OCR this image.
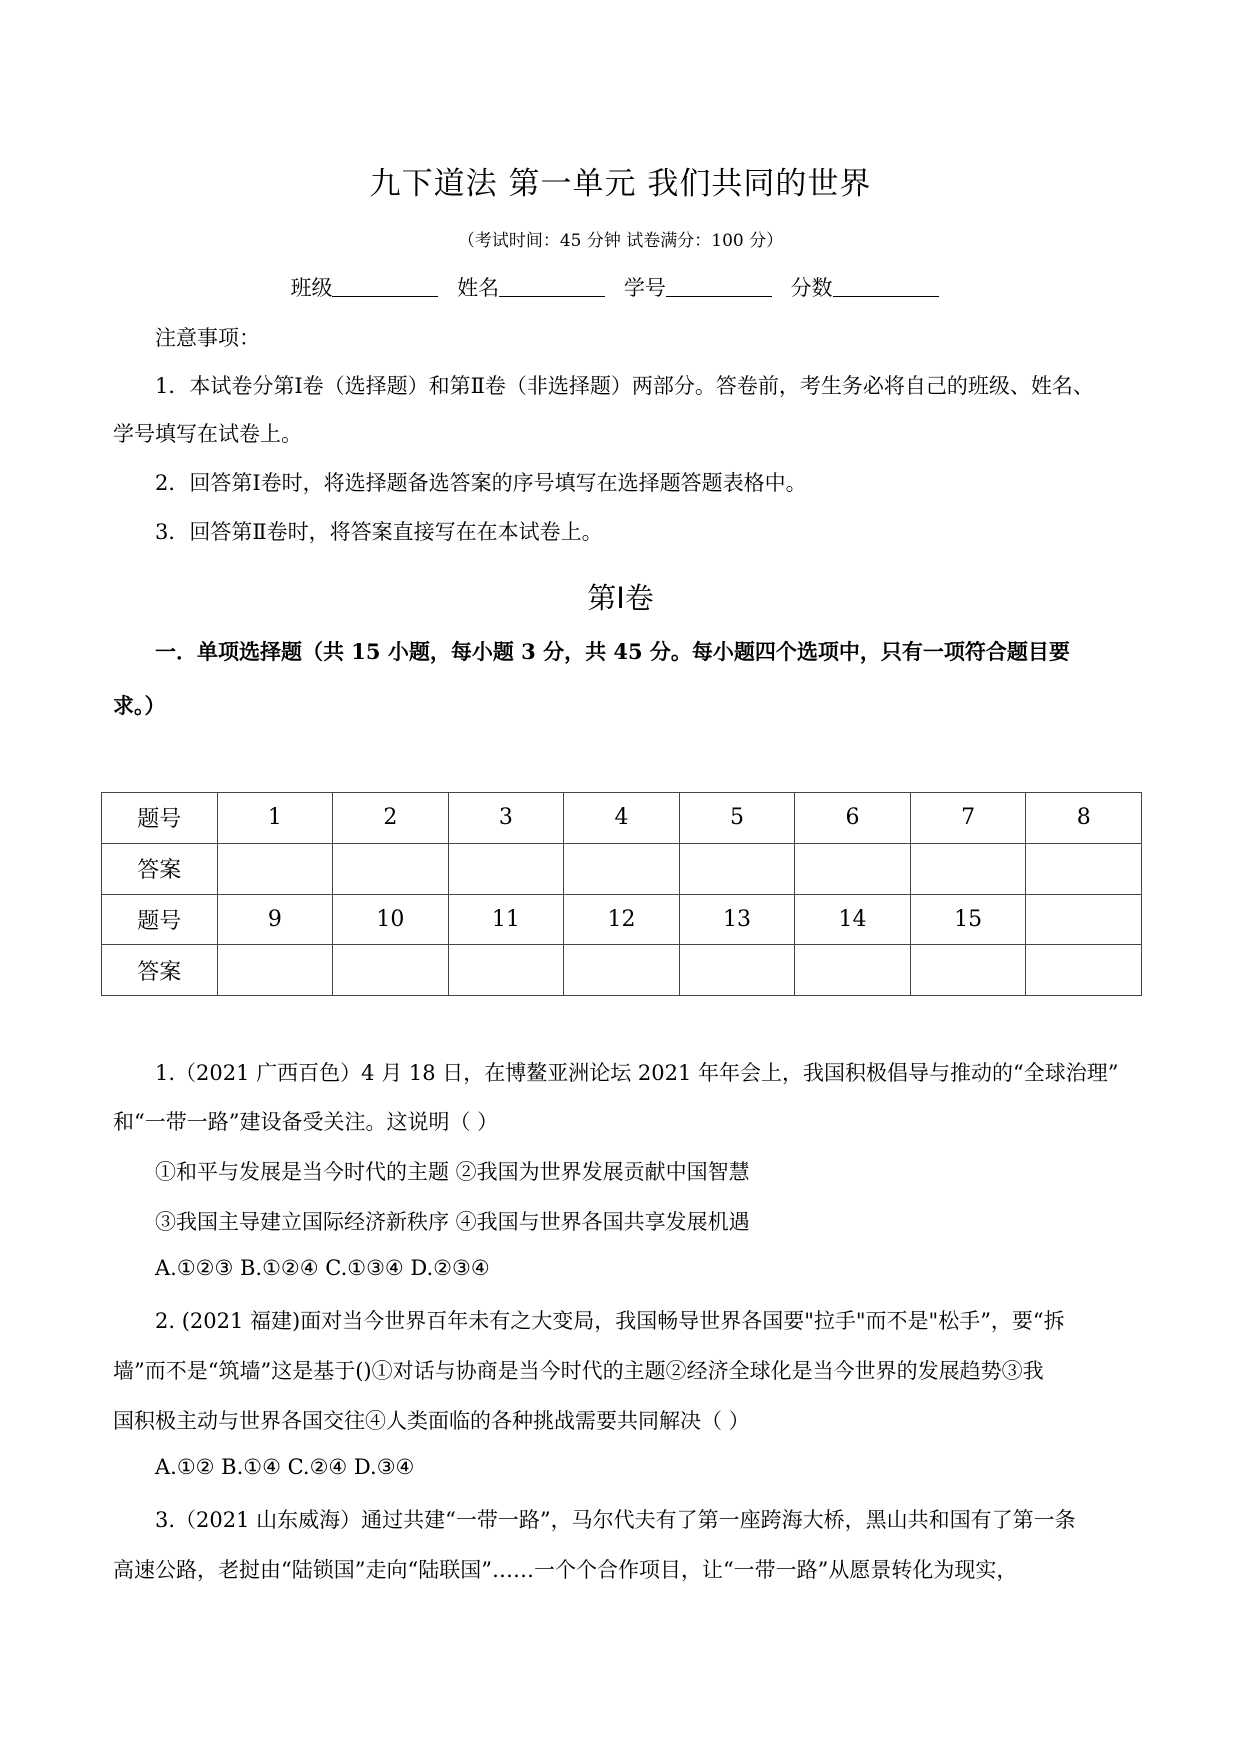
九下道法 第一单元 我们共同的世界
（考试时间：45 分钟 试卷满分：100 分）
班级	姓名	学号	分数
注意事项：
1．本试卷分第Ⅰ卷（选择题）和第Ⅱ卷（非选择题）两部分。答卷前，考生务必将自己的班级、姓名、
学号填写在试卷上。
2．回答第Ⅰ卷时，将选择题备选答案的序号填写在选择题答题表格中。
3．回答第Ⅱ卷时，将答案直接写在在本试卷上。
第Ⅰ卷
一．单项选择题（共 15 小题，每小题 3 分，共 45 分。每小题四个选项中，只有一项符合题目要
求。）
题号	1	2	3	4	5	6	7	8
答案								
题号	9	10	11	12	13	14	15	
答案								
1.（2021 广西百色）4 月 18 日，在博鳌亚洲论坛 2021 年年会上，我国积极倡导与推动的“全球治理”
和“一带一路”建设备受关注。这说明（ ）
①和平与发展是当今时代的主题 ②我国为世界发展贡献中国智慧
③我国主导建立国际经济新秩序 ④我国与世界各国共享发展机遇
A.①②③ B.①②④ C.①③④ D.②③④
2. (2021 福建)面对当今世界百年未有之大变局，我国畅导世界各国要"拉手"而不是"松手”，要“拆
墙”而不是“筑墙”这是基于()①对话与协商是当今时代的主题②经济全球化是当今世界的发展趋势③我
国积极主动与世界各国交往④人类面临的各种挑战需要共同解决（ ）
A.①② B.①④ C.②④ D.③④
3.（2021 山东威海）通过共建“一带一路”，马尔代夫有了第一座跨海大桥，黑山共和国有了第一条
高速公路，老挝由“陆锁国”走向“陆联国”……一个个合作项目，让“一带一路”从愿景转化为现实，
